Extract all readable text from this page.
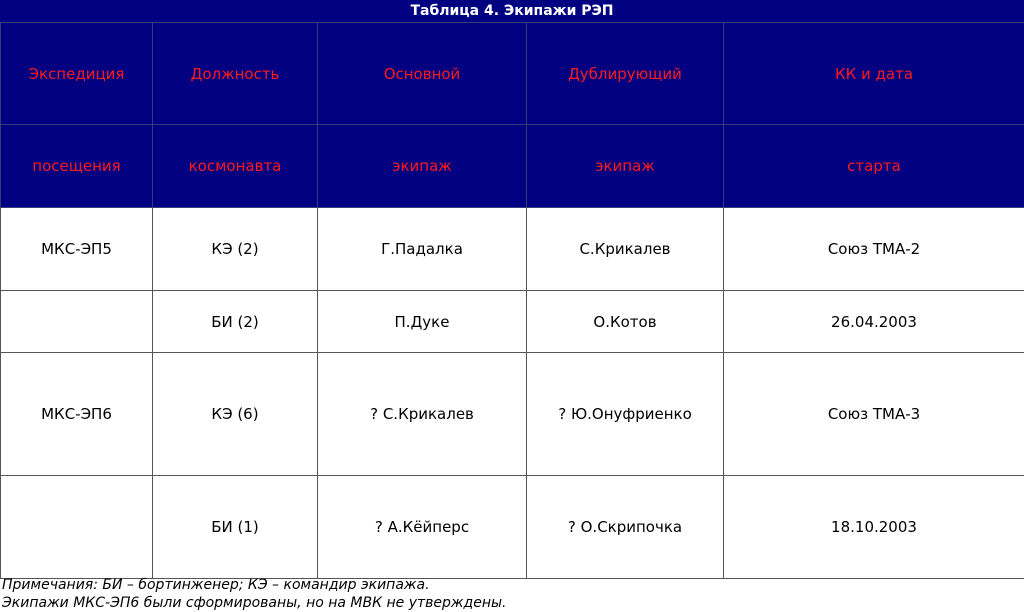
Таблица 4. Экипажи РЭП
Экспедиция	Должность	Основной	Дублирующий	КК и дата
посещения	космонавта	экипаж	экипаж	старта
МКС-ЭП5	КЭ (2)	Г.Падалка	С.Крикалев	Союз ТМА-2
	БИ (2)	П.Дуке	О.Котов	26.04.2003
МКС-ЭП6	КЭ (6)	? С.Крикалев	? Ю.Онуфриенко	Союз ТМА-3
	БИ (1)	? А.Кёйперс	? О.Скрипочка	18.10.2003
Примечания: БИ – бортинженер; КЭ – командир экипажа.
Экипажи МКС-ЭП6 были сформированы, но на МВК не утверждены.
